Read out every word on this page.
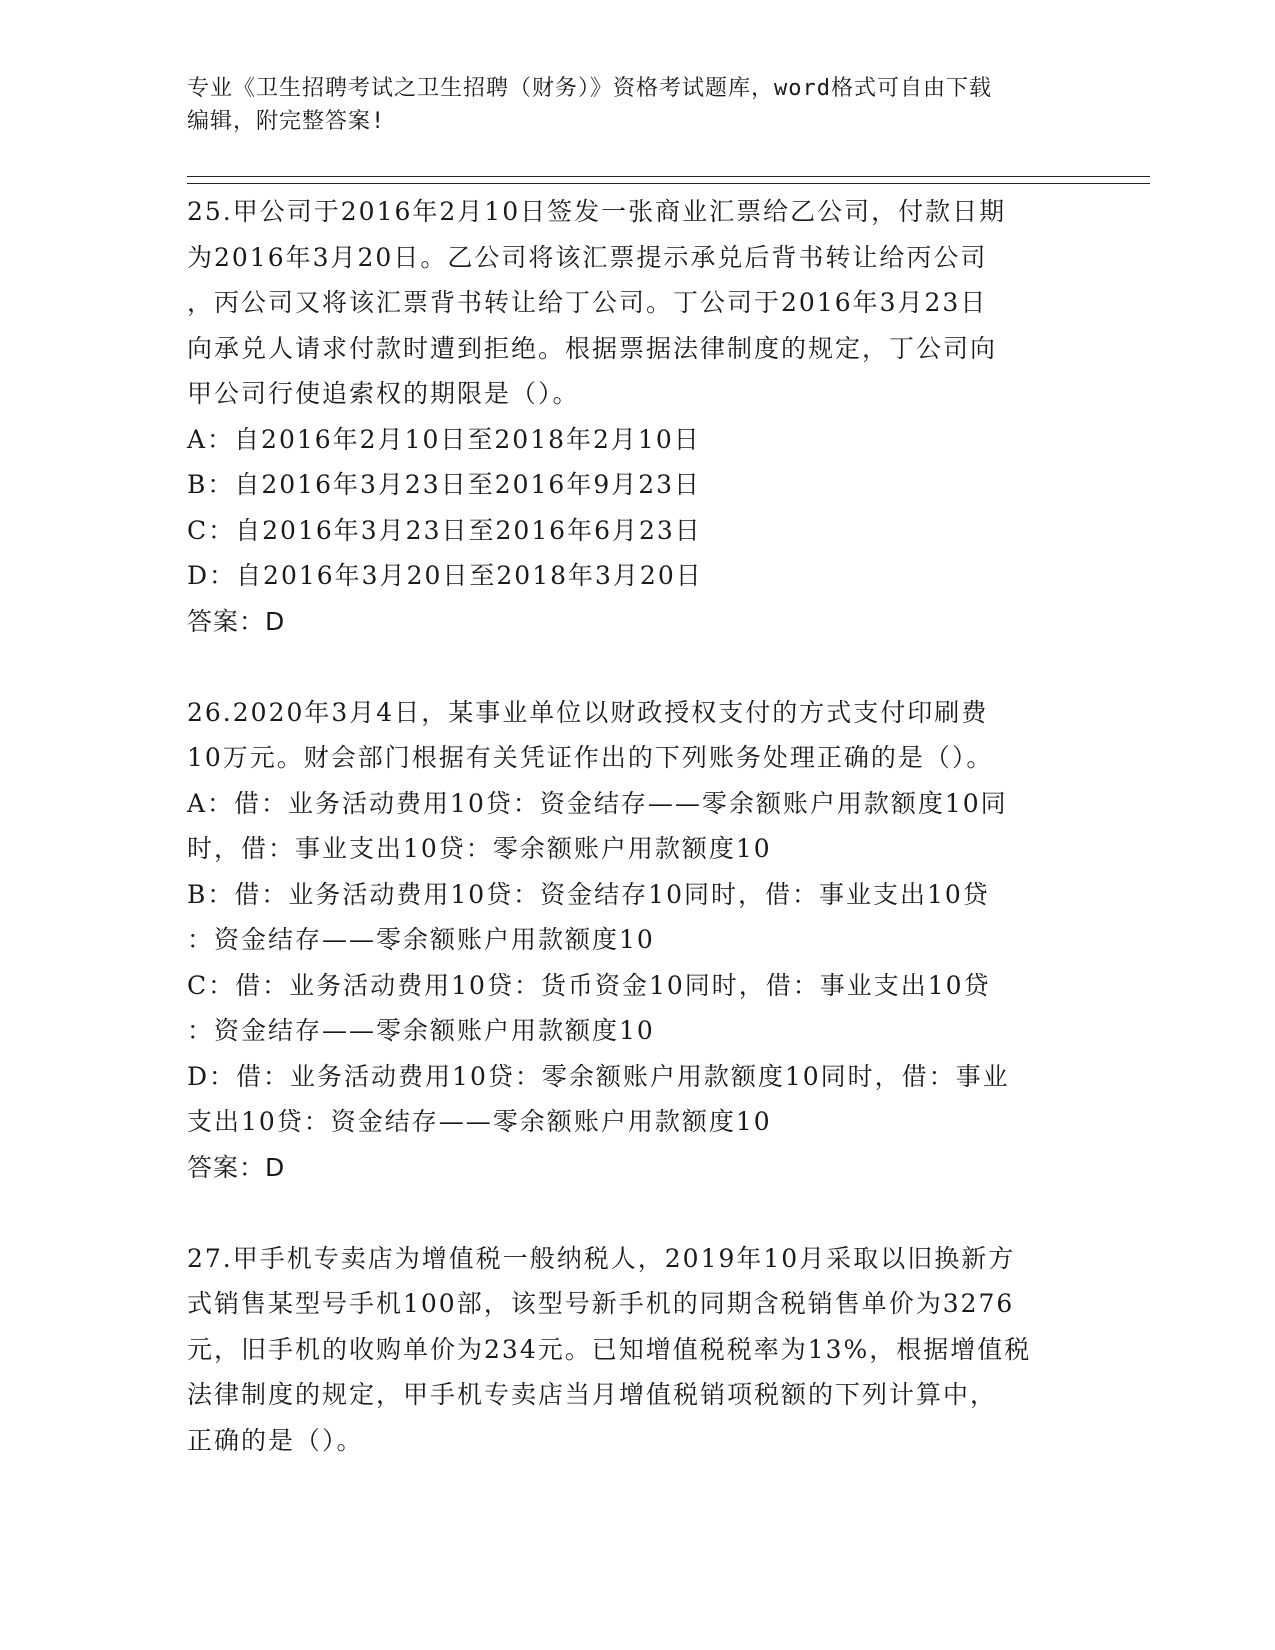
专业《卫生招聘考试之卫生招聘（财务）》资格考试题库，word格式可自由下载
编辑，附完整答案!
25.甲公司于2016年2月10日签发一张商业汇票给乙公司，付款日期
为2016年3月20日。乙公司将该汇票提示承兑后背书转让给丙公司
，丙公司又将该汇票背书转让给丁公司。丁公司于2016年3月23日
向承兑人请求付款时遭到拒绝。根据票据法律制度的规定，丁公司向
甲公司行使追索权的期限是（）。
A：自2016年2月10日至2018年2月10日
B：自2016年3月23日至2016年9月23日
C：自2016年3月23日至2016年6月23日
D：自2016年3月20日至2018年3月20日
答案：D
26.2020年3月4日，某事业单位以财政授权支付的方式支付印刷费
10万元。财会部门根据有关凭证作出的下列账务处理正确的是（）。
A：借：业务活动费用10贷：资金结存——零余额账户用款额度10同
时，借：事业支出10贷：零余额账户用款额度10
B：借：业务活动费用10贷：资金结存10同时，借：事业支出10贷
：资金结存——零余额账户用款额度10
C：借：业务活动费用10贷：货币资金10同时，借：事业支出10贷
：资金结存——零余额账户用款额度10
D：借：业务活动费用10贷：零余额账户用款额度10同时，借：事业
支出10贷：资金结存——零余额账户用款额度10
答案：D
27.甲手机专卖店为增值税一般纳税人，2019年10月采取以旧换新方
式销售某型号手机100部，该型号新手机的同期含税销售单价为3276
元，旧手机的收购单价为234元。已知增值税税率为13%，根据增值税
法律制度的规定，甲手机专卖店当月增值税销项税额的下列计算中，
正确的是（）。
